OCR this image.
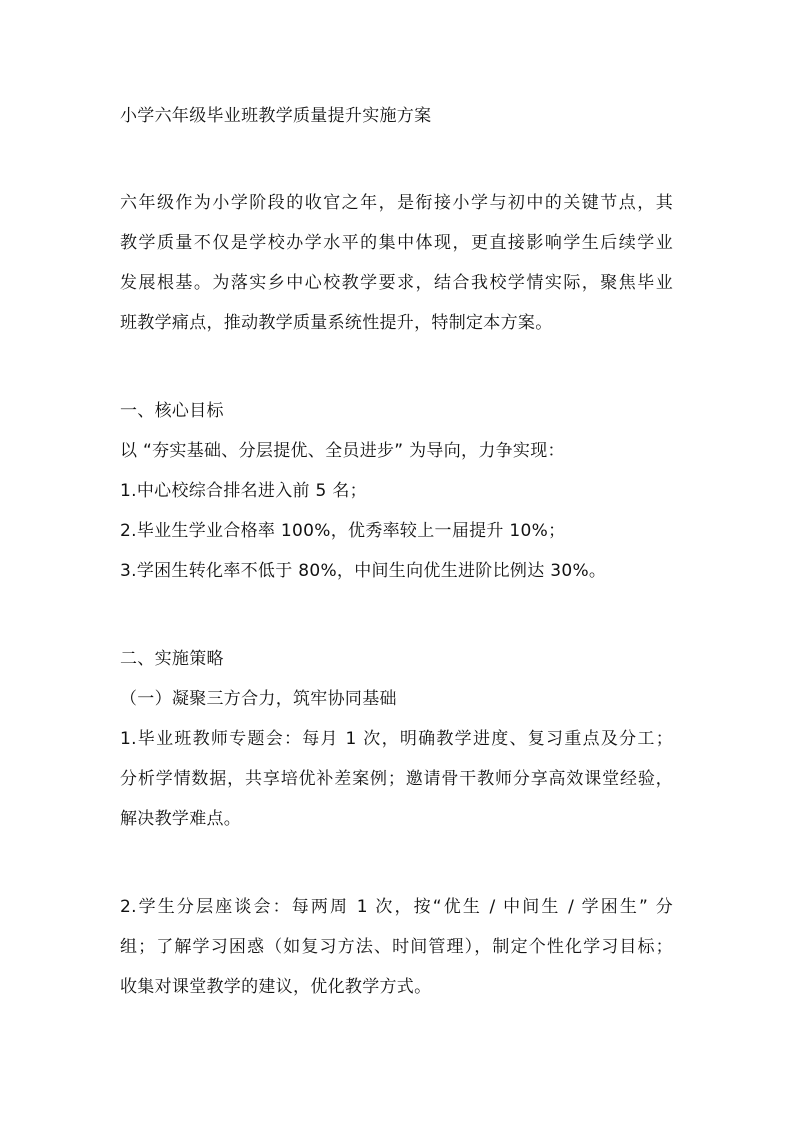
小学六年级毕业班教学质量提升实施方案
六年级作为小学阶段的收官之年，是衔接小学与初中的关键节点，其
教学质量不仅是学校办学水平的集中体现，更直接影响学生后续学业
发展根基。为落实乡中心校教学要求，结合我校学情实际，聚焦毕业
班教学痛点，推动教学质量系统性提升，特制定本方案。
一、核心目标
以 “夯实基础、分层提优、全员进步” 为导向，力争实现：
1.中心校综合排名进入前 5 名；
2.毕业生学业合格率 100%，优秀率较上一届提升 10%；
3.学困生转化率不低于 80%，中间生向优生进阶比例达 30%。
二、实施策略
（一）凝聚三方合力，筑牢协同基础
1.毕业班教师专题会：每月 1 次，明确教学进度、复习重点及分工；
分析学情数据，共享培优补差案例；邀请骨干教师分享高效课堂经验，
解决教学难点。
2.学生分层座谈会：每两周 1 次，按“优生 / 中间生 / 学困生” 分
组；了解学习困惑（如复习方法、时间管理），制定个性化学习目标；
收集对课堂教学的建议，优化教学方式。
